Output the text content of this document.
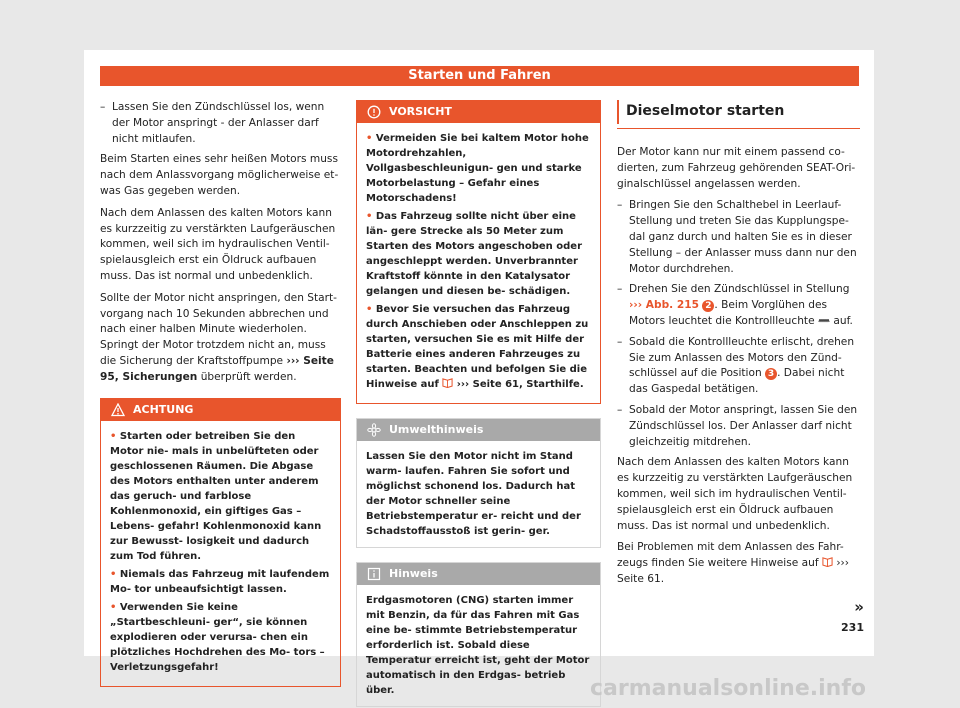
Starten und Fahren
– Lassen Sie den Zündschlüssel los, wenn der Motor anspringt - der Anlasser darf nicht mitlaufen.

Beim Starten eines sehr heißen Motors muss nach dem Anlassvorgang möglicherweise et- was Gas gegeben werden.

Nach dem Anlassen des kalten Motors kann es kurzzeitig zu verstärkten Laufgeräuschen kommen, weil sich im hydraulischen Ventil- spielausgleich erst ein Öldruck aufbauen muss. Das ist normal und unbedenklich.

Sollte der Motor nicht anspringen, den Start- vorgang nach 10 Sekunden abbrechen und nach einer halben Minute wiederholen. Springt der Motor trotzdem nicht an, muss die Sicherung der Kraftstoffpumpe ››› Seite 95, Sicherungen überprüft werden.

ACHTUNG
• Starten oder betreiben Sie den Motor nie- mals in unbelüfteten oder geschlossenen Räumen. Die Abgase des Motors enthalten unter anderem das geruch- und farblose Kohlenmonoxid, ein giftiges Gas – Lebens- gefahr! Kohlenmonoxid kann zur Bewusst- losigkeit und dadurch zum Tod führen.
• Niemals das Fahrzeug mit laufendem Mo- tor unbeaufsichtigt lassen.
• Verwenden Sie keine „Startbeschleuni- ger“, sie können explodieren oder verursa- chen ein plötzliches Hochdrehen des Mo- tors – Verletzungsgefahr!
VORSICHT
• Vermeiden Sie bei kaltem Motor hohe Motordrehzahlen, Vollgasbeschleunigun- gen und starke Motorbelastung – Gefahr eines Motorschadens!
• Das Fahrzeug sollte nicht über eine län- gere Strecke als 50 Meter zum Starten des Motors angeschoben oder angeschleppt werden. Unverbrannter Kraftstoff könnte in den Katalysator gelangen und diesen be- schädigen.
• Bevor Sie versuchen das Fahrzeug durch Anschieben oder Anschleppen zu starten, versuchen Sie es mit Hilfe der Batterie eines anderen Fahrzeuges zu starten. Beachten und befolgen Sie die Hinweise auf ››› Seite 61, Starthilfe.
Umwelthinweis
Lassen Sie den Motor nicht im Stand warm- laufen. Fahren Sie sofort und möglichst schonend los. Dadurch hat der Motor schneller seine Betriebstemperatur er- reicht und der Schadstoffausstoß ist gerin- ger.
Hinweis
Erdgasmotoren (CNG) starten immer mit Benzin, da für das Fahren mit Gas eine be- stimmte Betriebstemperatur erforderlich ist. Sobald diese Temperatur erreicht ist, geht der Motor automatisch in den Erdgas- betrieb über.
Dieselmotor starten

Der Motor kann nur mit einem passend co- dierten, zum Fahrzeug gehörenden SEAT-Ori- ginalschlüssel angelassen werden.

– Bringen Sie den Schalthebel in Leerlauf- Stellung und treten Sie das Kupplungspe- dal ganz durch und halten Sie es in dieser Stellung – der Anlasser muss dann nur den Motor durchdrehen.
– Drehen Sie den Zündschlüssel in Stellung ››› Abb. 215 2 . Beim Vorglühen des Motors leuchtet die Kontrollleuchte auf.
– Sobald die Kontrollleuchte erlischt, drehen Sie zum Anlassen des Motors den Zünd- schlüssel auf die Position 3 . Dabei nicht das Gaspedal betätigen.
– Sobald der Motor anspringt, lassen Sie den Zündschlüssel los. Der Anlasser darf nicht gleichzeitig mitdrehen.

Nach dem Anlassen des kalten Motors kann es kurzzeitig zu verstärkten Laufgeräuschen kommen, weil sich im hydraulischen Ventil- spielausgleich erst ein Öldruck aufbauen muss. Das ist normal und unbedenklich.

Bei Problemen mit dem Anlassen des Fahr- zeugs finden Sie weitere Hinweise auf ››› Seite 61.

»
231
carmanualsonline.info
